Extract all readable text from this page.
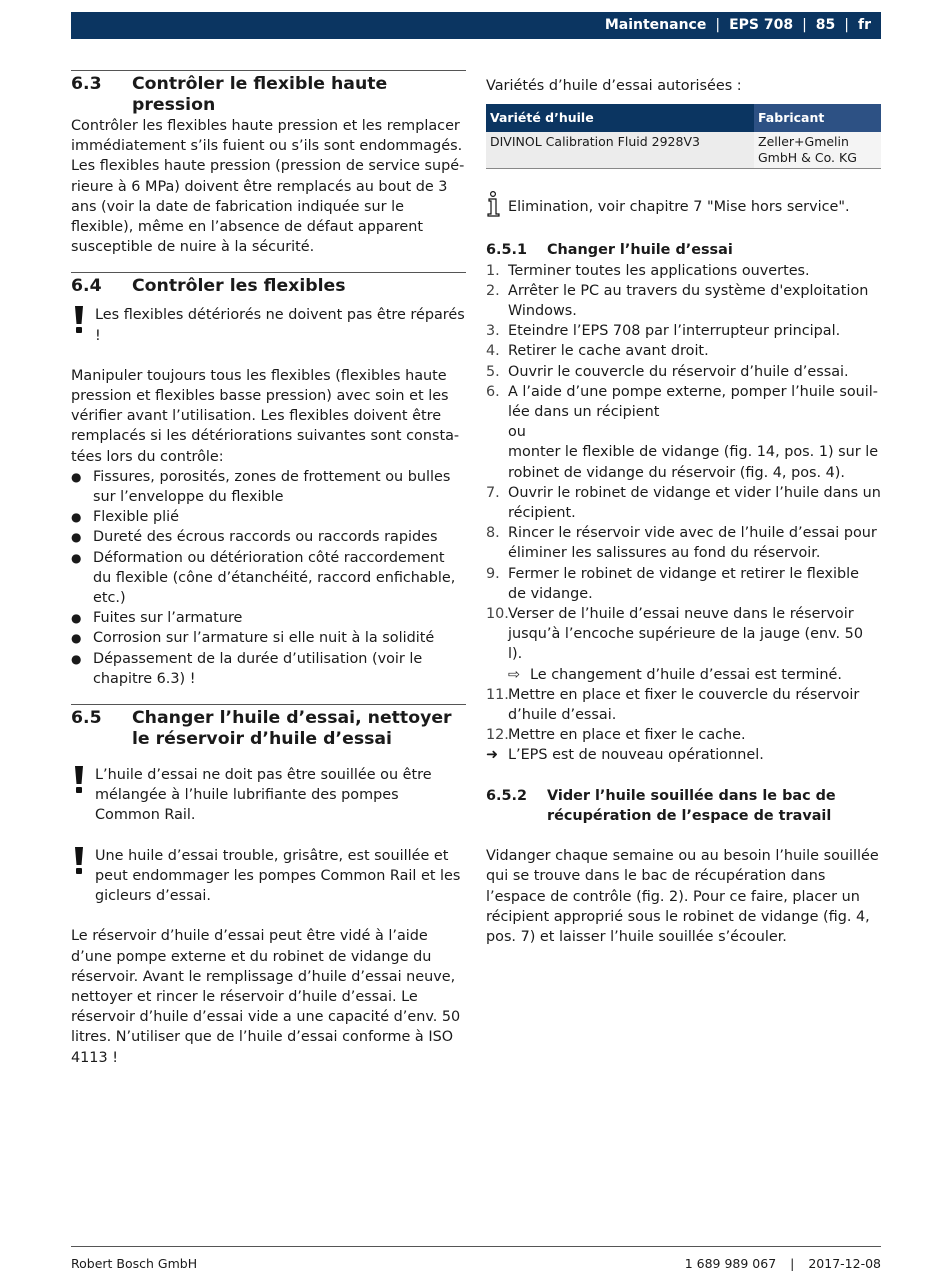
Maintenance | EPS 708 | 85 | fr
6.3	Contrôler le flexible haute pression

Contrôler les flexibles haute pression et les remplacer immédiatement s’ils fuient ou s’ils sont endommagés. Les flexibles haute pression (pression de service supérieure à 6 MPa) doivent être remplacés au bout de 3 ans (voir la date de fabrication indiquée sur le flexible), même en l’absence de défaut apparent susceptible de nuire à la sécurité.

6.4	Contrôler les flexibles
Les flexibles détériorés ne doivent pas être réparés !

Manipuler toujours tous les flexibles (flexibles haute pression et flexibles basse pression) avec soin et les vérifier avant l’utilisation. Les flexibles doivent être remplacés si les détériorations suivantes sont constatées lors du contrôle:

● Fissures, porosités, zones de frottement ou bulles sur l’enveloppe du flexible
● Flexible plié
● Dureté des écrous raccords ou raccords rapides
● Déformation ou détérioration côté raccordement du flexible (cône d’étanchéité, raccord enfichable, etc.)
● Fuites sur l’armature
● Corrosion sur l’armature si elle nuit à la solidité
● Dépassement de la durée d’utilisation (voir le chapitre 6.3) !
6.5	Changer l’huile d’essai, nettoyer le réservoir d’huile d’essai
L’huile d’essai ne doit pas être souillée ou être mélangée à l’huile lubrifiante des pompes Common Rail.
Une huile d’essai trouble, grisâtre, est souillée et peut endommager les pompes Common Rail et les gicleurs d’essai.

Le réservoir d’huile d’essai peut être vidé à l’aide d’une pompe externe et du robinet de vidange du réservoir. Avant le remplissage d’huile d’essai neuve, nettoyer et rincer le réservoir d’huile d’essai. Le réservoir d’huile d’essai vide a une capacité d’env. 50 litres. N’utiliser que de l’huile d’essai conforme à ISO 4113 !

Variétés d’huile d’essai autorisées :

Variété d’huile	Fabricant
DIVINOL Calibration Fluid 2928V3	Zeller+Gmelin GmbH & Co. KG
Elimination, voir chapitre 7 "Mise hors service".
6.5.1	Changer l’huile d’essai
1. Terminer toutes les applications ouvertes.
2. Arrêter le PC au travers du système d'exploitation Windows.
3. Eteindre l’EPS 708 par l’interrupteur principal.
4. Retirer le cache avant droit.
5. Ouvrir le couvercle du réservoir d’huile d’essai.
6. A l’aide d’une pompe externe, pomper l’huile souillée dans un récipient
ou
monter le flexible de vidange (fig. 14, pos. 1) sur le robinet de vidange du réservoir (fig. 4, pos. 4).
7. Ouvrir le robinet de vidange et vider l’huile dans un récipient.
8. Rincer le réservoir vide avec de l’huile d’essai pour éliminer les salissures au fond du réservoir.
9. Fermer le robinet de vidange et retirer le flexible de vidange.
10. Verser de l’huile d’essai neuve dans le réservoir jusqu’à l’encoche supérieure de la jauge (env. 50 l).
⇨ Le changement d’huile d’essai est terminé.
11. Mettre en place et fixer le couvercle du réservoir d’huile d’essai.
12. Mettre en place et fixer le cache.
➜ L’EPS est de nouveau opérationnel.
6.5.2	Vider l’huile souillée dans le bac de récupération de l’espace de travail

Vidanger chaque semaine ou au besoin l’huile souillée qui se trouve dans le bac de récupération dans l’espace de contrôle (fig. 2). Pour ce faire, placer un récipient approprié sous le robinet de vidange (fig. 4, pos. 7) et laisser l’huile souillée s’écouler.

Robert Bosch GmbH	1 689 989 067 | 2017-12-08
